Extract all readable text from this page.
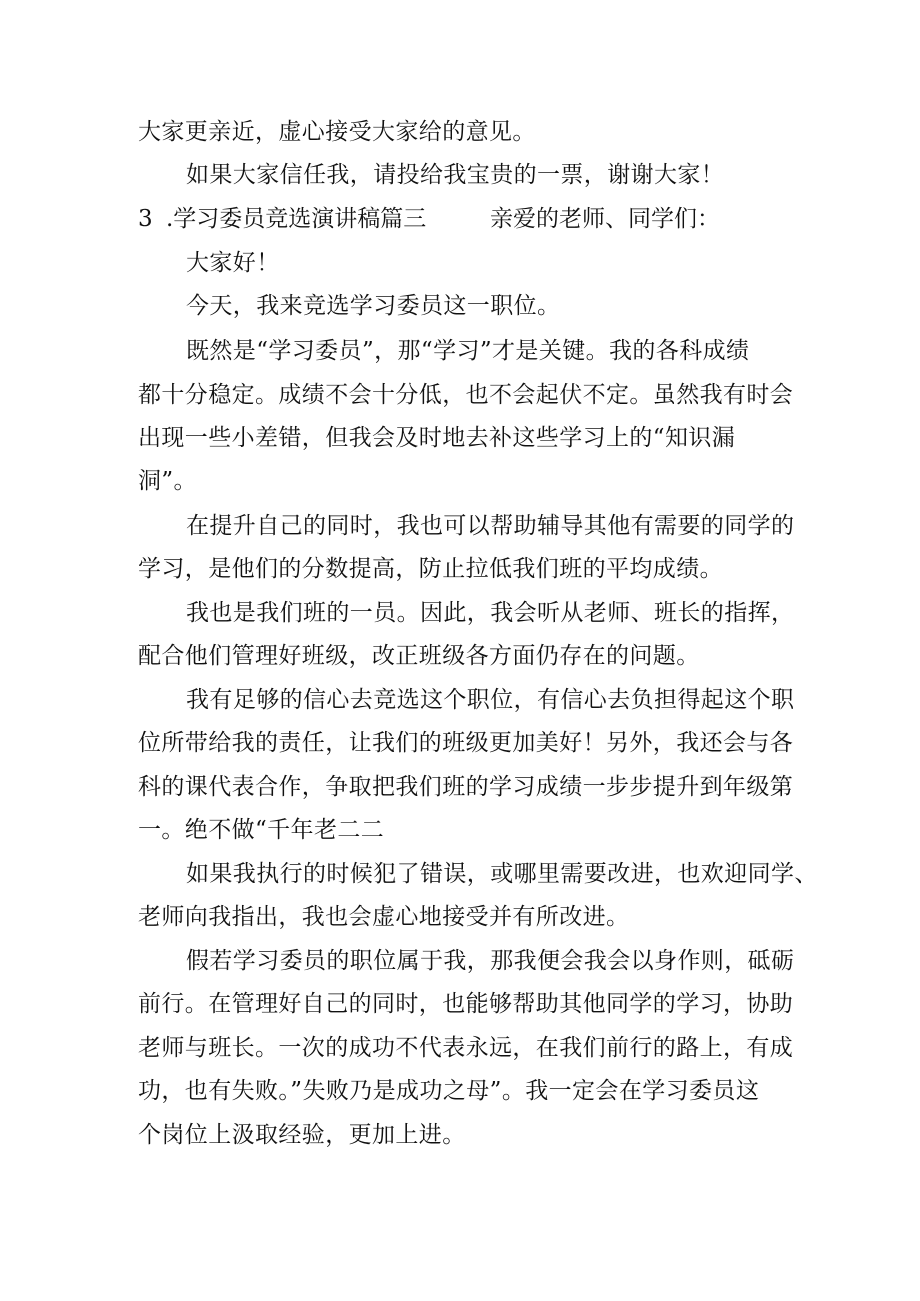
大家更亲近，虚心接受大家给的意见。
如果大家信任我，请投给我宝贵的一票，谢谢大家！
3 .学习委员竞选演讲稿篇三	亲爱的老师、同学们：
大家好！
今天，我来竞选学习委员这一职位。
既然是“学习委员”，那“学习”才是关键。我的各科成绩
都十分稳定。成绩不会十分低，也不会起伏不定。虽然我有时会
出现一些小差错，但我会及时地去补这些学习上的“知识漏
洞”。
在提升自己的同时，我也可以帮助辅导其他有需要的同学的
学习，是他们的分数提高，防止拉低我们班的平均成绩。
我也是我们班的一员。因此，我会听从老师、班长的指挥，
配合他们管理好班级，改正班级各方面仍存在的问题。
我有足够的信心去竞选这个职位，有信心去负担得起这个职
位所带给我的责任，让我们的班级更加美好！另外，我还会与各
科的课代表合作，争取把我们班的学习成绩一步步提升到年级第
一。绝不做“千年老二二
如果我执行的时候犯了错误，或哪里需要改进，也欢迎同学、
老师向我指出，我也会虚心地接受并有所改进。
假若学习委员的职位属于我，那我便会我会以身作则，砥砺
前行。在管理好自己的同时，也能够帮助其他同学的学习，协助
老师与班长。一次的成功不代表永远，在我们前行的路上，有成
功，也有失败。”失败乃是成功之母”。我一定会在学习委员这
个岗位上汲取经验，更加上进。
